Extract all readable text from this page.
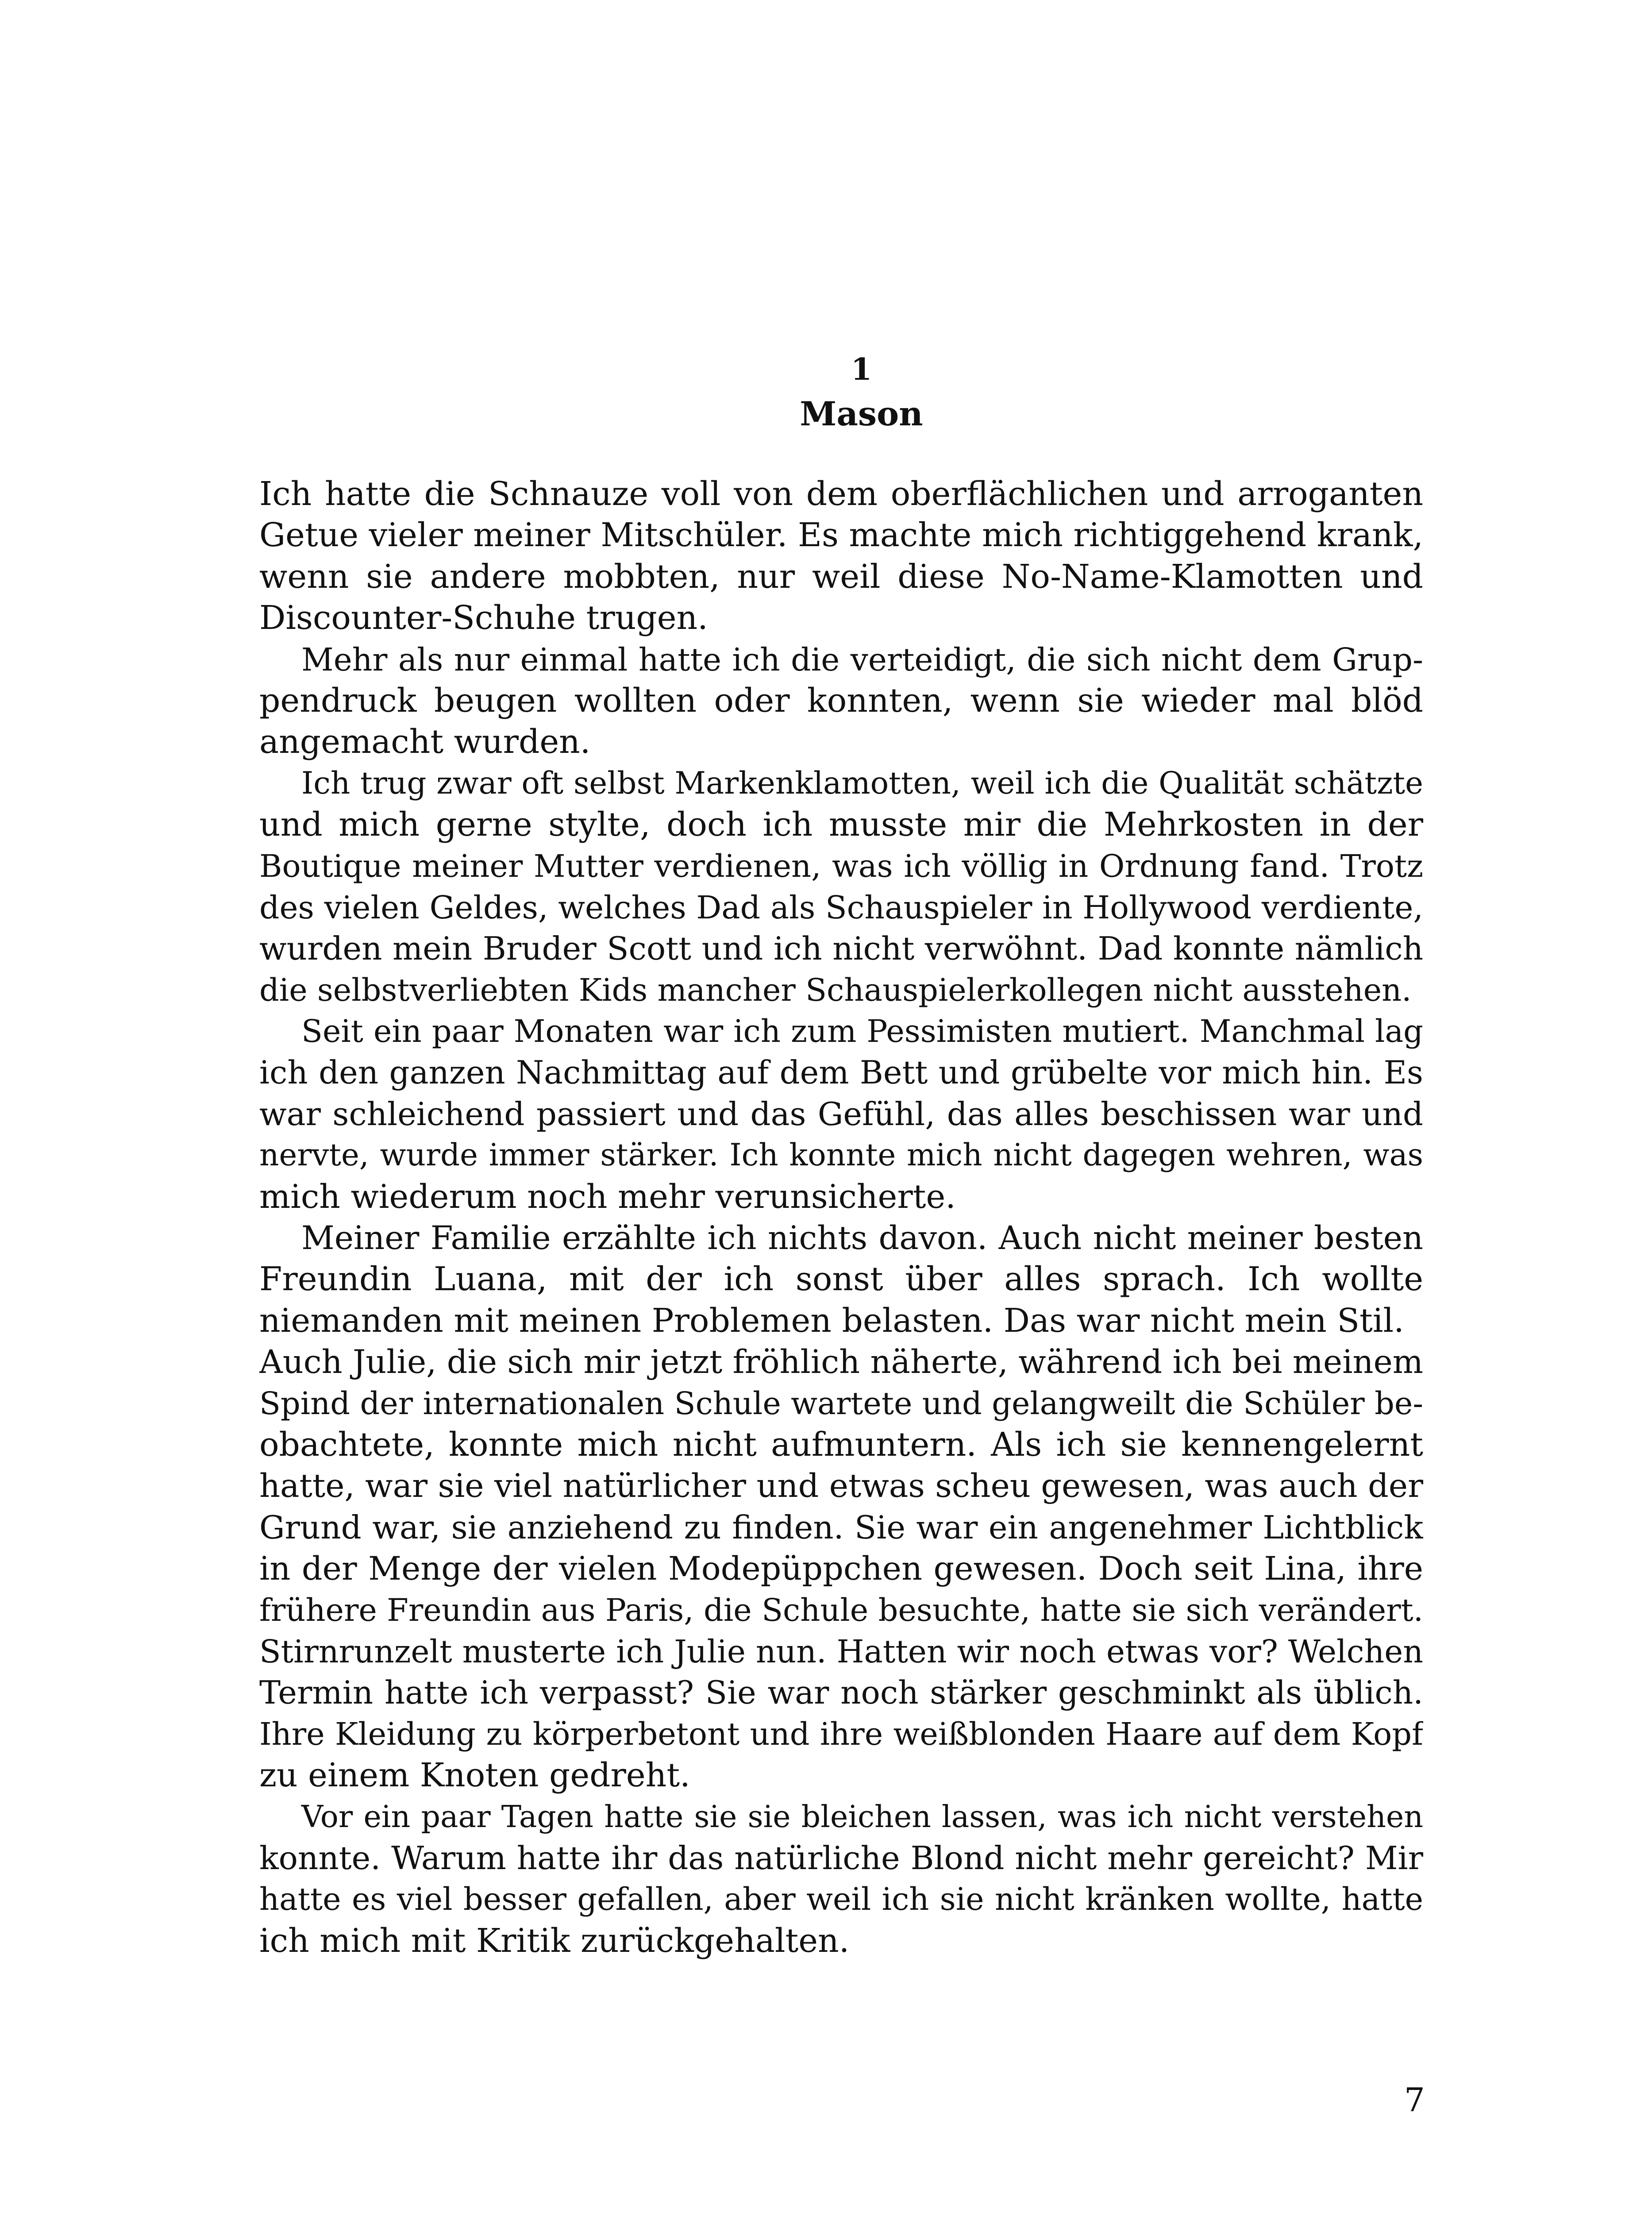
1
Mason
Ich hatte die Schnauze voll von dem oberflächlichen und arroganten
Getue vieler meiner Mitschüler. Es machte mich richtiggehend krank,
wenn sie andere mobbten, nur weil diese No-Name-Klamotten und
Discounter-Schuhe trugen.
Mehr als nur einmal hatte ich die verteidigt, die sich nicht dem Grup-
pendruck beugen wollten oder konnten, wenn sie wieder mal blöd
angemacht wurden.
Ich trug zwar oft selbst Markenklamotten, weil ich die Qualität schätzte
und mich gerne stylte, doch ich musste mir die Mehrkosten in der
Boutique meiner Mutter verdienen, was ich völlig in Ordnung fand. Trotz
des vielen Geldes, welches Dad als Schauspieler in Hollywood verdiente,
wurden mein Bruder Scott und ich nicht verwöhnt. Dad konnte nämlich
die selbstverliebten Kids mancher Schauspielerkollegen nicht ausstehen.
Seit ein paar Monaten war ich zum Pessimisten mutiert. Manchmal lag
ich den ganzen Nachmittag auf dem Bett und grübelte vor mich hin. Es
war schleichend passiert und das Gefühl, das alles beschissen war und
nervte, wurde immer stärker. Ich konnte mich nicht dagegen wehren, was
mich wiederum noch mehr verunsicherte.
Meiner Familie erzählte ich nichts davon. Auch nicht meiner besten
Freundin Luana, mit der ich sonst über alles sprach. Ich wollte
niemanden mit meinen Problemen belasten. Das war nicht mein Stil.
Auch Julie, die sich mir jetzt fröhlich näherte, während ich bei meinem
Spind der internationalen Schule wartete und gelangweilt die Schüler be-
obachtete, konnte mich nicht aufmuntern. Als ich sie kennengelernt
hatte, war sie viel natürlicher und etwas scheu gewesen, was auch der
Grund war, sie anziehend zu finden. Sie war ein angenehmer Lichtblick
in der Menge der vielen Modepüppchen gewesen. Doch seit Lina, ihre
frühere Freundin aus Paris, die Schule besuchte, hatte sie sich verändert.
Stirnrunzelt musterte ich Julie nun. Hatten wir noch etwas vor? Welchen
Termin hatte ich verpasst? Sie war noch stärker geschminkt als üblich.
Ihre Kleidung zu körperbetont und ihre weißblonden Haare auf dem Kopf
zu einem Knoten gedreht.
Vor ein paar Tagen hatte sie sie bleichen lassen, was ich nicht verstehen
konnte. Warum hatte ihr das natürliche Blond nicht mehr gereicht? Mir
hatte es viel besser gefallen, aber weil ich sie nicht kränken wollte, hatte
ich mich mit Kritik zurückgehalten.
7
